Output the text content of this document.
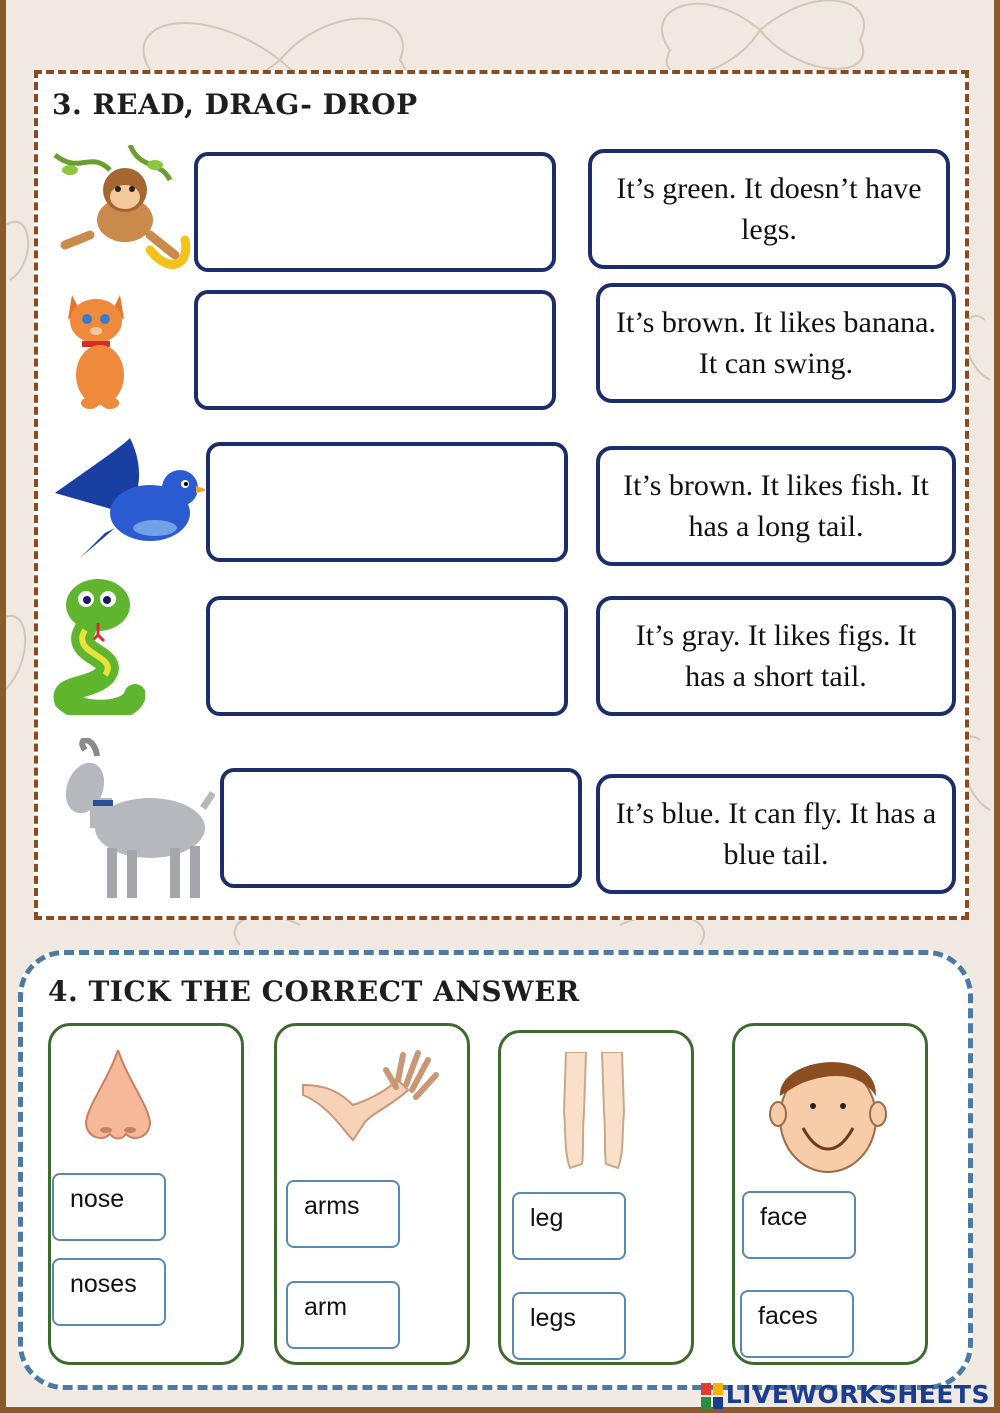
3. READ, DRAG- DROP
It’s green. It doesn’t have legs.
It’s brown. It likes banana. It can swing.
It’s brown. It likes fish. It has a long tail.
It’s gray. It likes figs. It has a short tail.
It’s blue. It can fly. It has a blue tail.
4. TICK THE CORRECT ANSWER
nose
noses
arms
arm
leg
legs
face
faces
LIVEWORKSHEETS
